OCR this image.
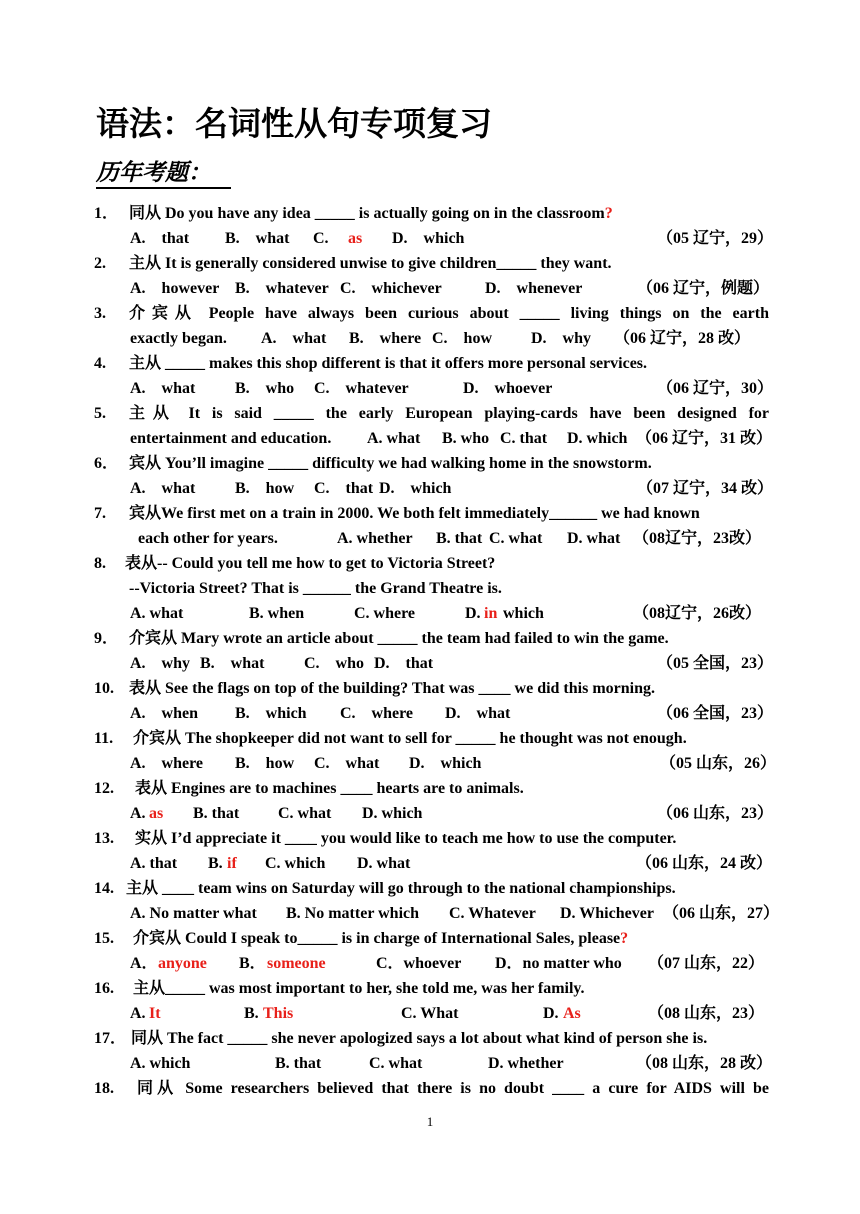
语法：名词性从句专项复习
历年考题：
1． 同从 Do you have any idea _____ is actually going on in the classroom?
A.　that B.　what C. as D.　which	（05 辽宁，29）
2. 主从 It is generally considered unwise to give children_____ they want.
A.　however B.　whatever C.　whichever	D.　whenever	（06 辽宁，例题）
3. 介宾从 People have always been curious about _____ living things on the earth
exactly began. A.　what B.　where C.　how D.　why （06 辽宁，28 改）
4. 主从 _____ makes this shop different is that it offers more personal services.
A.　what B.　who C.　whatever	D.　whoever	（06 辽宁，30）
5. 主从 It is said _____ the early European playing-cards have been designed for
entertainment and education. A. what B. who C. that D. which （06 辽宁，31 改）
6． 宾从 You’ll imagine _____ difficulty we had walking home in the snowstorm.
A.　what B.　how C.　that D.　which	（07 辽宁，34 改）
7. 宾从We first met on a train in 2000. We both felt immediately______ we had known
each other for years.	A. whether B. that C. what D. what （08辽宁，23改）
8. 表从-- Could you tell me how to get to Victoria Street?
--Victoria Street? That is ______ the Grand Theatre is.
A. what	B. when	C. where	D. in which	（08辽宁，26改）
9． 介宾从 Mary wrote an article about _____ the team had failed to win the game.
A.　why B.　what C.　who D.　that	（05 全国，23）
10. 表从 See the flags on top of the building? That was ____ we did this morning.
A.　when B.　which C.　where D.　what	（06 全国，23）
11. 介宾从 The shopkeeper did not want to sell for _____ he thought was not enough.
A.　where B.　how C.　what D.　which	（05 山东，26）
12. 表从 Engines are to machines ____ hearts are to animals.
A. as B. that C. what D. which	（06 山东，23）
13. 实从 I’d appreciate it ____ you would like to teach me how to use the computer.
A. that B. if C. which D. what	（06 山东，24 改）
14. 主从 ____ team wins on Saturday will go through to the national championships.
A. No matter what B. No matter which C. Whatever D. Whichever （06 山东，27）
15. 介宾从 Could I speak to_____ is in charge of International Sales, please?
A． anyone B． someone	C．whoever D．no matter who （07 山东，22）
16. 主从_____ was most important to her, she told me, was her family.
A. It	B. This	C. What	D. As	（08 山东，23）
17． 同从 The fact _____ she never apologized says a lot about what kind of person she is.
A. which	B. that	C. what	D. whether	（08 山东，28 改）
18. 同从 Some researchers believed that there is no doubt ____ a cure for AIDS will be
1
